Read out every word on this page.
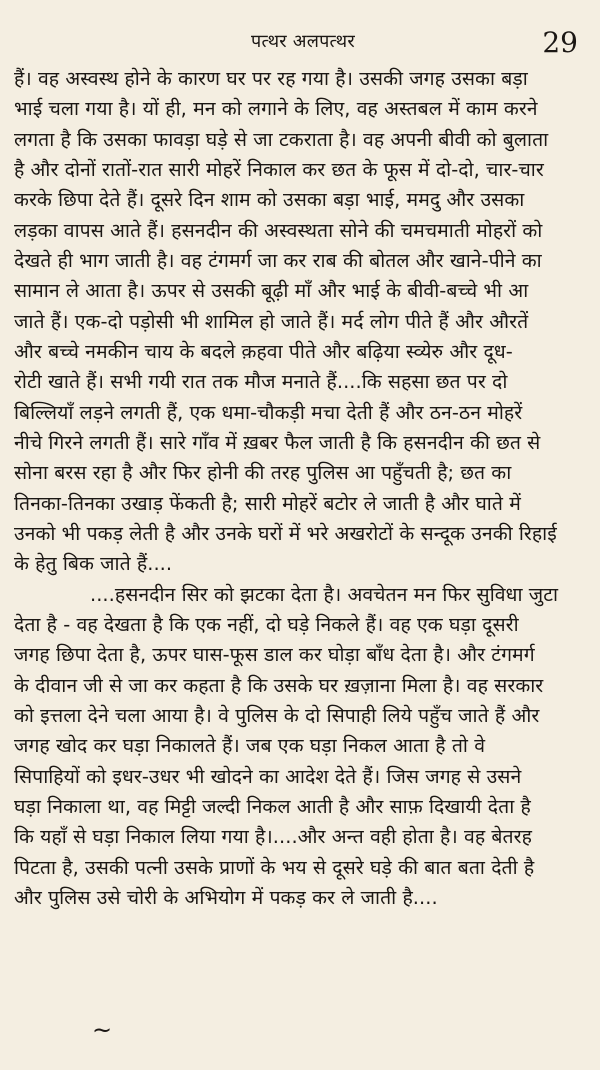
पत्थर अलपत्थर	29
हैं। वह अस्वस्थ होने के कारण घर पर रह गया है। उसकी जगह उसका बड़ा
भाई चला गया है। यों ही, मन को लगाने के लिए, वह अस्तबल में काम करने
लगता है कि उसका फावड़ा घड़े से जा टकराता है। वह अपनी बीवी को बुलाता
है और दोनों रातों-रात सारी मोहरें निकाल कर छत के फूस में दो-दो, चार-चार
करके छिपा देते हैं। दूसरे दिन शाम को उसका बड़ा भाई, ममदु और उसका
लड़का वापस आते हैं। हसनदीन की अस्वस्थता सोने की चमचमाती मोहरों को
देखते ही भाग जाती है। वह टंगमर्ग जा कर राब की बोतल और खाने-पीने का
सामान ले आता है। ऊपर से उसकी बूढ़ी माँ और भाई के बीवी-बच्चे भी आ
जाते हैं। एक-दो पड़ोसी भी शामिल हो जाते हैं। मर्द लोग पीते हैं और औरतें
और बच्चे नमकीन चाय के बदले क़हवा पीते और बढ़िया स्व्येरु और दूध-
रोटी खाते हैं। सभी गयी रात तक मौज मनाते हैं....कि सहसा छत पर दो
बिल्लियाँ लड़ने लगती हैं, एक धमा-चौकड़ी मचा देती हैं और ठन-ठन मोहरें
नीचे गिरने लगती हैं। सारे गाँव में ख़बर फैल जाती है कि हसनदीन की छत से
सोना बरस रहा है और फिर होनी की तरह पुलिस आ पहुँचती है; छत का
तिनका-तिनका उखाड़ फेंकती है; सारी मोहरें बटोर ले जाती है और घाते में
उनको भी पकड़ लेती है और उनके घरों में भरे अखरोटों के सन्दूक उनकी रिहाई
के हेतु बिक जाते हैं....
....हसनदीन सिर को झटका देता है। अवचेतन मन फिर सुविधा जुटा
देता है - वह देखता है कि एक नहीं, दो घड़े निकले हैं। वह एक घड़ा दूसरी
जगह छिपा देता है, ऊपर घास-फूस डाल कर घोड़ा बाँध देता है। और टंगमर्ग
के दीवान जी से जा कर कहता है कि उसके घर ख़ज़ाना मिला है। वह सरकार
को इत्तला देने चला आया है। वे पुलिस के दो सिपाही लिये पहुँच जाते हैं और
जगह खोद कर घड़ा निकालते हैं। जब एक घड़ा निकल आता है तो वे
सिपाहियों को इधर-उधर भी खोदने का आदेश देते हैं। जिस जगह से उसने
घड़ा निकाला था, वह मिट्टी जल्दी निकल आती है और साफ़ दिखायी देता है
कि यहाँ से घड़ा निकाल लिया गया है।....और अन्त वही होता है। वह बेतरह
पिटता है, उसकी पत्नी उसके प्राणों के भय से दूसरे घड़े की बात बता देती है
और पुलिस उसे चोरी के अभियोग में पकड़ कर ले जाती है....
~
